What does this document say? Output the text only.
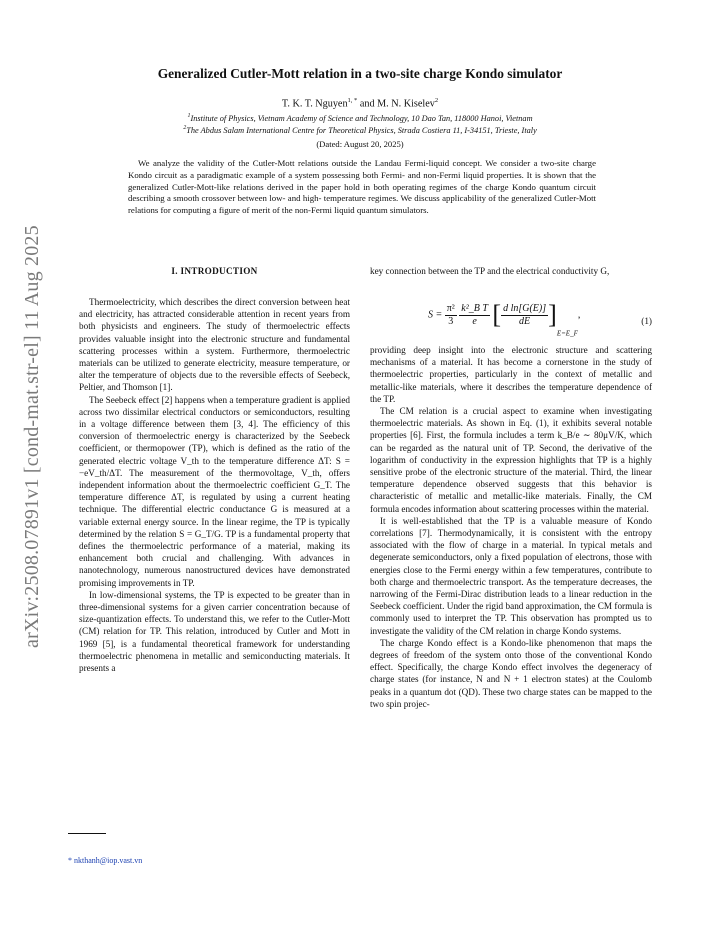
arXiv:2508.07891v1 [cond-mat.str-el] 11 Aug 2025
Generalized Cutler-Mott relation in a two-site charge Kondo simulator
T. K. T. Nguyen$^{1, *}$ and M. N. Kiselev$^2$
$^1$Institute of Physics, Vietnam Academy of Science and Technology, 10 Dao Tan, 118000 Hanoi, Vietnam
$^2$The Abdus Salam International Centre for Theoretical Physics, Strada Costiera 11, I-34151, Trieste, Italy
(Dated: August 20, 2025)
We analyze the validity of the Cutler-Mott relations outside the Landau Fermi-liquid concept. We consider a two-site charge Kondo circuit as a paradigmatic example of a system possessing both Fermi- and non-Fermi liquid properties. It is shown that the generalized Cutler-Mott-like relations derived in the paper hold in both operating regimes of the charge Kondo quantum circuit describing a smooth crossover between low- and high- temperature regimes. We discuss applicability of the generalized Cutler-Mott relations for computing a figure of merit of the non-Fermi liquid quantum simulators.
I. INTRODUCTION

Thermoelectricity, which describes the direct conversion between heat and electricity, has attracted considerable attention in recent years from both physicists and engineers. The study of thermoelectric effects provides valuable insight into the electronic structure and fundamental scattering processes within a system. Furthermore, thermoelectric materials can be utilized to generate electricity, measure temperature, or alter the temperature of objects due to the reversible effects of Seebeck, Peltier, and Thomson [1].

The Seebeck effect [2] happens when a temperature gradient is applied across two dissimilar electrical conductors or semiconductors, resulting in a voltage difference between them [3, 4]. The efficiency of this conversion of thermoelectric energy is characterized by the Seebeck coefficient, or thermopower (TP), which is defined as the ratio of the generated electric voltage V_th to the temperature difference ΔT: S = −eV_th/ΔT. The measurement of the thermovoltage, V_th, offers independent information about the thermoelectric coefficient G_T. The temperature difference ΔT, is regulated by using a current heating technique. The differential electric conductance G is measured at a variable external energy source. In the linear regime, the TP is typically determined by the relation S = G_T/G. TP is a fundamental property that defines the thermoelectric performance of a material, making its enhancement both crucial and challenging. With advances in nanotechnology, numerous nanostructured devices have demonstrated promising improvements in TP.

In low-dimensional systems, the TP is expected to be greater than in three-dimensional systems for a given carrier concentration because of size-quantization effects. To understand this, we refer to the Cutler-Mott (CM) relation for TP. This relation, introduced by Cutler and Mott in 1969 [5], is a fundamental theoretical framework for understanding thermoelectric phenomena in metallic and semiconducting materials. It presents a

key connection between the TP and the electrical conductivity G,

$S = \frac{\text{π²}}{3}$
$\frac{\text{k²\_B T}}{e}$ [ $\frac{\text{d ln[G(E)]}}{dE} ]_{E=E\_F}$,
(1)

providing deep insight into the electronic structure and scattering mechanisms of a material. It has become a cornerstone in the study of thermoelectric properties, particularly in the context of metallic and metallic-like materials, where it describes the temperature dependence of the TP.

The CM relation is a crucial aspect to examine when investigating thermoelectric materials. As shown in Eq. (1), it exhibits several notable properties [6]. First, the formula includes a term k_B/e ∼ 80μV/K, which can be regarded as the natural unit of TP. Second, the derivative of the logarithm of conductivity in the expression highlights that TP is a highly sensitive probe of the electronic structure of the material. Third, the linear temperature dependence observed suggests that this behavior is characteristic of metallic and metallic-like materials. Finally, the CM formula encodes information about scattering processes within the material.

It is well-established that the TP is a valuable measure of Kondo correlations [7]. Thermodynamically, it is consistent with the entropy associated with the flow of charge in a material. In typical metals and degenerate semiconductors, only a fixed population of electrons, those with energies close to the Fermi energy within a few temperatures, contribute to both charge and thermoelectric transport. As the temperature decreases, the narrowing of the Fermi-Dirac distribution leads to a linear reduction in the Seebeck coefficient. Under the rigid band approximation, the CM formula is commonly used to interpret the TP. This observation has prompted us to investigate the validity of the CM relation in charge Kondo systems.

The charge Kondo effect is a Kondo-like phenomenon that maps the degrees of freedom of the system onto those of the conventional Kondo effect. Specifically, the charge Kondo effect involves the degeneracy of charge states (for instance, N and N + 1 electron states) at the Coulomb peaks in a quantum dot (QD). These two charge states can be mapped to the two spin projec-

* nkthanh@iop.vast.vn
